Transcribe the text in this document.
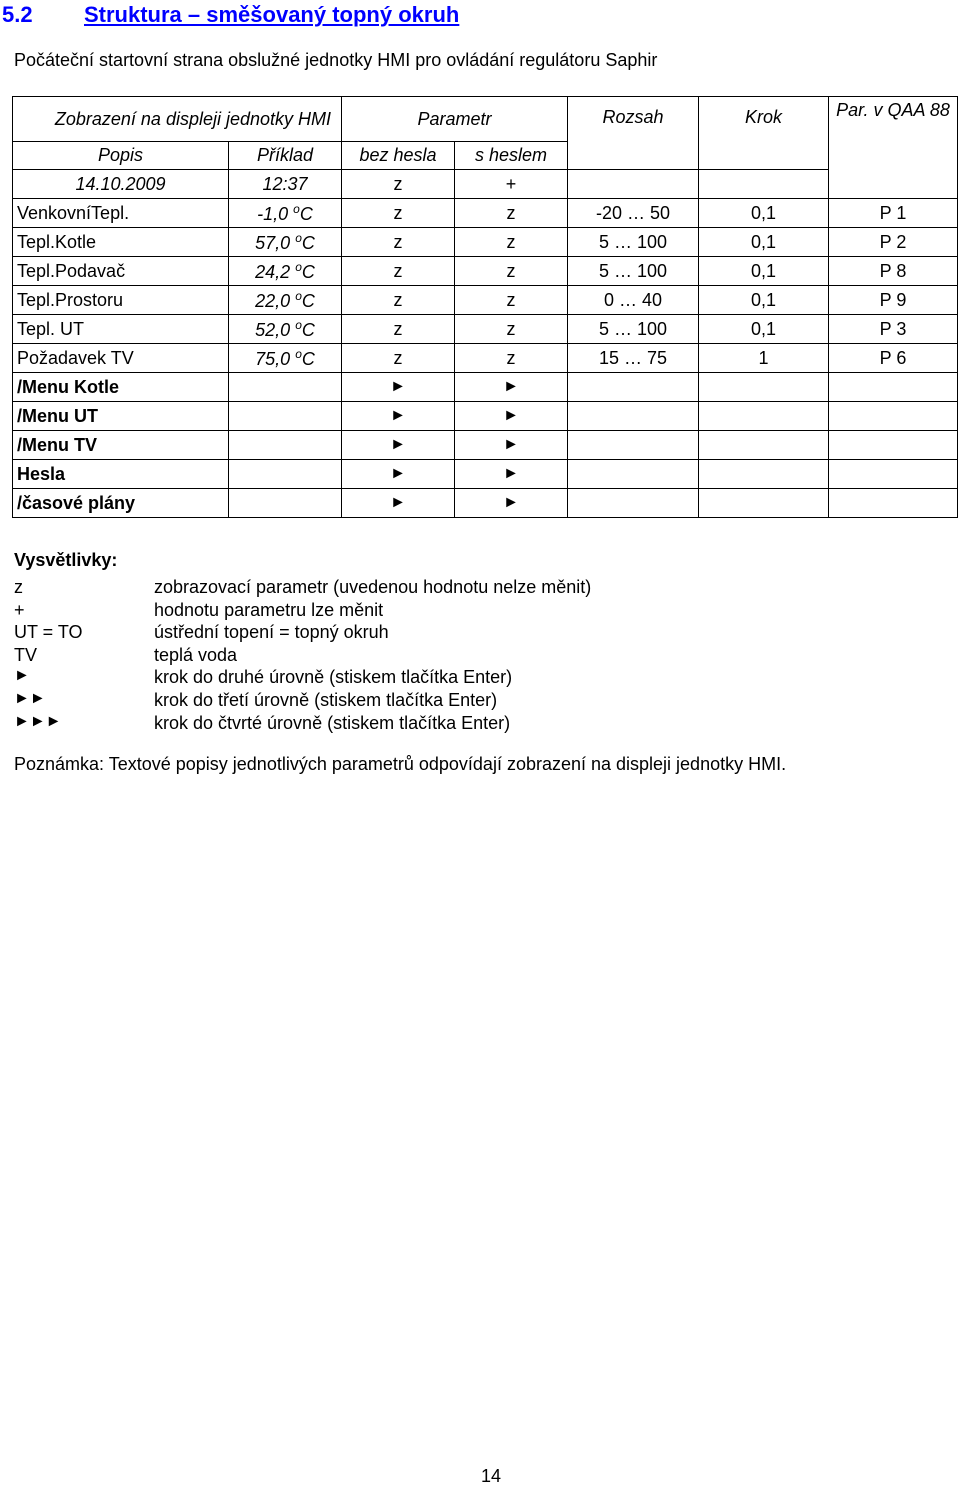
5.2 Struktura – směšovaný topný okruh
Počáteční startovní strana obslužné jednotky HMI pro ovládání regulátoru Saphir
Zobrazení na displeji jednotky HMI		Parametr		Rozsah	Krok	Par. v QAA 88
Popis	Příklad	bez hesla	s heslem			
14.10.2009	12:37	z	+			
VenkovníTepl.	-1,0 $^o$C	z	z	-20 … 50	0,1	P 1
Tepl.Kotle	57,0 $^o$C	z	z	5 … 100	0,1	P 2
Tepl.Podavač	24,2 $^o$C	z	z	5 … 100	0,1	P 8
Tepl.Prostoru	22,0 $^o$C	z	z	0 … 40	0,1	P 9
Tepl. UT	52,0 $^o$C	z	z	5 … 100	0,1	P 3
Požadavek TV	75,0 $^o$C	z	z	15 … 75	1	P 6
/Menu Kotle		►	►			
/Menu UT		►	►			
/Menu TV		►	►			
Hesla		►	►			
/časové plány		►	►			
Vysvětlivky:
z	zobrazovací parametr (uvedenou hodnotu nelze měnit)
+	hodnotu parametru lze měnit
UT = TO	ústřední topení = topný okruh
TV	teplá voda
►	krok do druhé úrovně (stiskem tlačítka Enter)
►►	krok do třetí úrovně (stiskem tlačítka Enter)
►►►	krok do čtvrté úrovně (stiskem tlačítka Enter)
Poznámka: Textové popisy jednotlivých parametrů odpovídají zobrazení na displeji jednotky HMI.
14
